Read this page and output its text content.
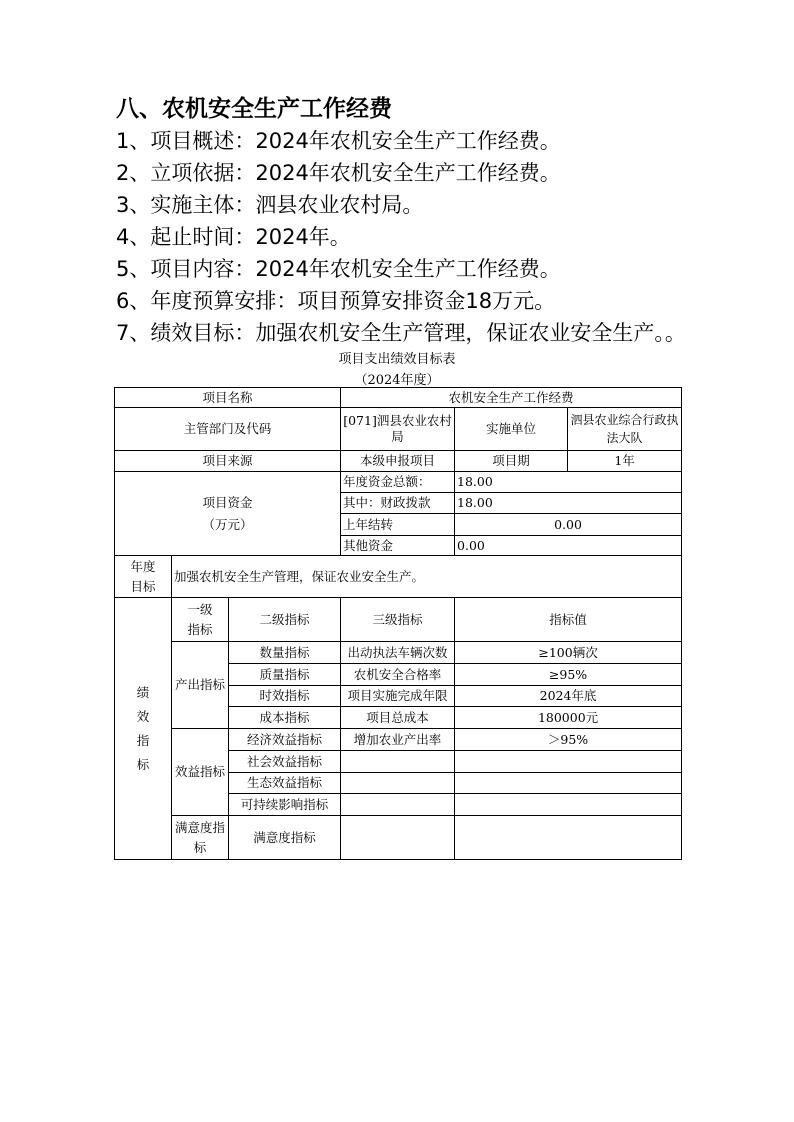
八、农机安全生产工作经费
1、项目概述：2024年农机安全生产工作经费。
2、立项依据：2024年农机安全生产工作经费。
3、实施主体：泗县农业农村局。
4、起止时间：2024年。
5、项目内容：2024年农机安全生产工作经费。
6、年度预算安排：项目预算安排资金18万元。
7、绩效目标：加强农机安全生产管理，保证农业安全生产。。
项目支出绩效目标表
（2024年度）
项目名称			农机安全生产工作经费		
主管部门及代码			[071]泗县农业农村局	实施单位	泗县农业综合行政执法大队
项目来源			本级申报项目	项目期	1年

项目资金
（万元）			年度资金总额：	18.00	
			其中：财政拨款	18.00	
			上年结转	0.00	
			其他资金	0.00	
年度目标	加强农机安全生产管理，保证农业安全生产。				
绩效指标	一级指标	二级指标	三级指标	指标值	
	产出指标	数量指标	出动执法车辆次数	≥100辆次	
		质量指标	农机安全合格率	≥95%	
		时效指标	项目实施完成年限	2024年底	
		成本指标	项目总成本	180000元	
	效益指标	经济效益指标	增加农业产出率	＞95%	
		社会效益指标			
		生态效益指标			
		可持续影响指标			
	满意度指标	满意度指标			
